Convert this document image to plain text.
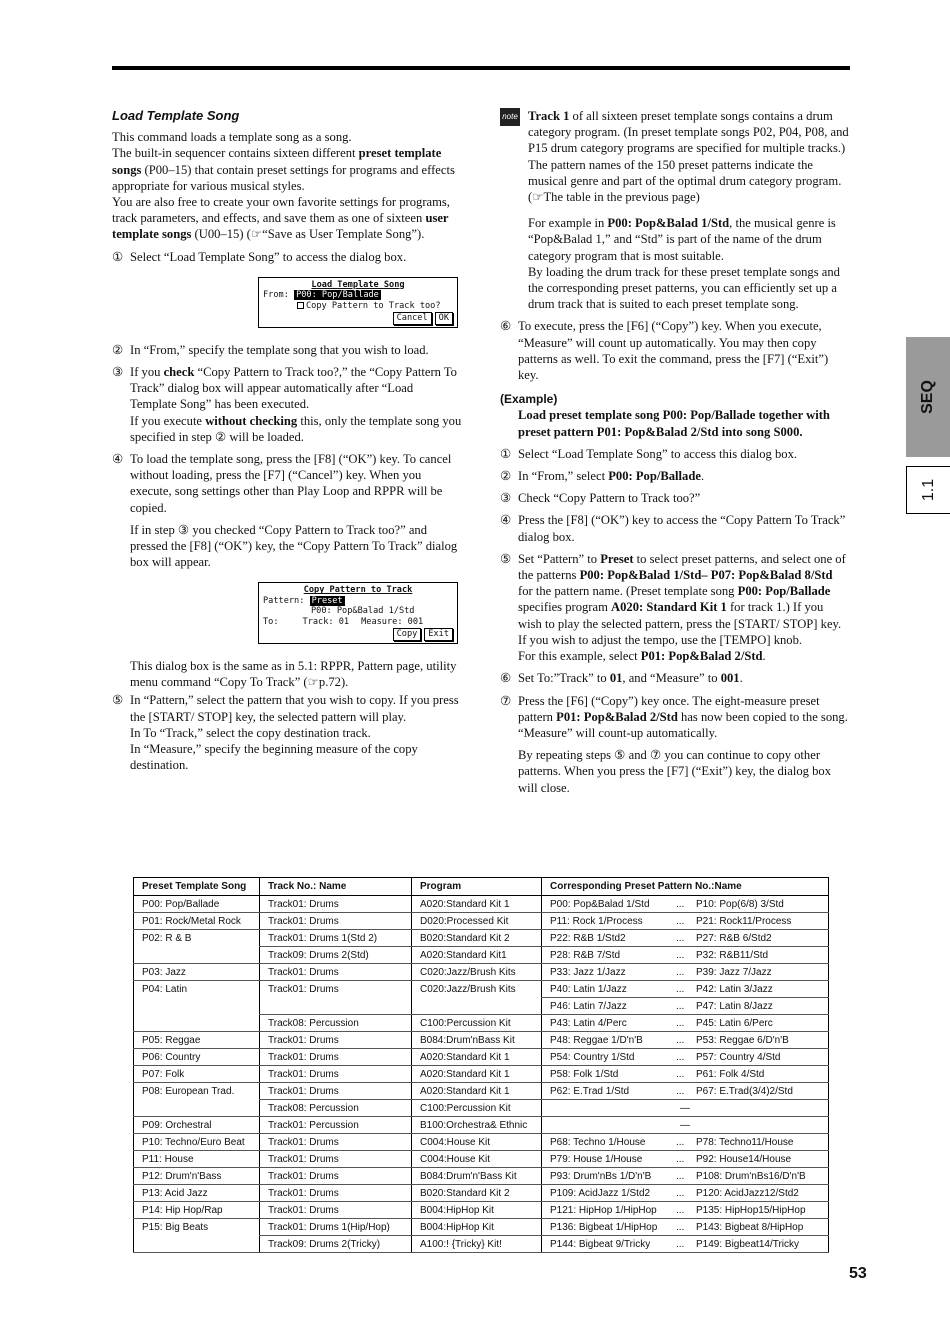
Load Template Song
This command loads a template song as a song.
The built-in sequencer contains sixteen different preset template songs (P00–15) that contain preset settings for programs and effects appropriate for various musical styles.
You are also free to create your own favorite settings for programs, track parameters, and effects, and save them as one of sixteen user template songs (U00–15) (☞“Save as User Template Song”).
① Select “Load Template Song” to access the dialog box.
Load Template Song
From: P00: Pop/Ballade
Copy Pattern to Track too?
Cancel OK
② In “From,” specify the template song that you wish to load.
③ If you check “Copy Pattern to Track too?,” the “Copy Pattern To Track” dialog box will appear automatically after “Load Template Song” has been executed.
If you execute without checking this, only the template song you specified in step ② will be loaded.
④ To load the template song, press the [F8] (“OK”) key. To cancel without loading, press the [F7] (“Cancel”) key. When you execute, song settings other than Play Loop and RPPR will be copied.
If in step ③ you checked “Copy Pattern to Track too?” and pressed the [F8] (“OK”) key, the “Copy Pattern To Track” dialog box will appear.
Copy Pattern to Track
Pattern: Preset
P00: Pop&Balad 1/Std
To:	Track: 01 Measure: 001
Copy Exit
This dialog box is the same as in 5.1: RPPR, Pattern page, utility menu command “Copy To Track” (☞p.72).
⑤ In “Pattern,” select the pattern that you wish to copy. If you press the [START/ STOP] key, the selected pattern will play.
In To “Track,” select the copy destination track.
In “Measure,” specify the beginning measure of the copy destination.
note Track 1 of all sixteen preset template songs contains a drum category program. (In preset template songs P02, P04, P08, and P15 drum category programs are specified for multiple tracks.)
The pattern names of the 150 preset patterns indicate the musical genre and part of the optimal drum category program. (☞The table in the previous page)
For example in P00: Pop&Balad 1/Std, the musical genre is “Pop&Balad 1,” and “Std” is part of the name of the drum category program that is most suitable.
By loading the drum track for these preset template songs and the corresponding preset patterns, you can efficiently set up a drum track that is suited to each preset template song.
⑥ To execute, press the [F6] (“Copy”) key. When you execute, “Measure” will count up automatically. You may then copy patterns as well. To exit the command, press the [F7] (“Exit”) key.
(Example)
Load preset template song P00: Pop/Ballade together with preset pattern P01: Pop&Balad 2/Std into song S000.
① Select “Load Template Song” to access this dialog box.
② In “From,” select P00: Pop/Ballade.
③ Check “Copy Pattern to Track too?”
④ Press the [F8] (“OK”) key to access the “Copy Pattern To Track” dialog box.
⑤ Set “Pattern” to Preset to select preset patterns, and select one of the patterns P00: Pop&Balad 1/Std– P07: Pop&Balad 8/Std for the pattern name. (Preset template song P00: Pop/Ballade specifies program A020: Standard Kit 1 for track 1.) If you wish to play the selected pattern, press the [START/ STOP] key. If you wish to adjust the tempo, use the [TEMPO] knob.
For this example, select P01: Pop&Balad 2/Std.
⑥ Set To:”Track” to 01, and “Measure” to 001.
⑦ Press the [F6] (“Copy”) key once. The eight-measure preset pattern P01: Pop&Balad 2/Std has now been copied to the song. “Measure” will count-up automatically.
By repeating steps ⑤ and ⑦ you can continue to copy other patterns. When you press the [F7] (“Exit”) key, the dialog box will close.
SEQ
1.1
Preset Template Song	Track No.: Name	Program	Corresponding Preset Pattern No.:Name
P00: Pop/Ballade	Track01: Drums	A020:Standard Kit 1	P00: Pop&Balad 1/Std ... P10: Pop(6/8) 3/Std

P01: Rock/Metal Rock	Track01: Drums	D020:Processed Kit	P11: Rock 1/Process ... P21: Rock11/Process

P02: R & B	Track01: Drums 1(Std 2)	B020:Standard Kit 2	P22: R&B 1/Std2 ... P27: R&B 6/Std2

	Track09: Drums 2(Std)	A020:Standard Kit1	P28: R&B 7/Std ... P32: R&B11/Std

P03: Jazz	Track01: Drums	C020:Jazz/Brush Kits	P33: Jazz 1/Jazz ... P39: Jazz 7/Jazz

P04: Latin	Track01: Drums	C020:Jazz/Brush Kits	P40: Latin 1/Jazz ... P42: Latin 3/Jazz

			P46: Latin 7/Jazz ... P47: Latin 8/Jazz

	Track08: Percussion	C100:Percussion Kit	P43: Latin 4/Perc ... P45: Latin 6/Perc

P05: Reggae	Track01: Drums	B084:Drum'nBass Kit	P48: Reggae 1/D'n'B ... P53: Reggae 6/D'n'B

P06: Country	Track01: Drums	A020:Standard Kit 1	P54: Country 1/Std ... P57: Country 4/Std

P07: Folk	Track01: Drums	A020:Standard Kit 1	P58: Folk 1/Std ... P61: Folk 4/Std

P08: European Trad.	Track01: Drums	A020:Standard Kit 1	P62: E.Trad 1/Std ... P67: E.Trad(3/4)2/Std

	Track08: Percussion	C100:Percussion Kit	—

P09: Orchestral	Track01: Percussion	B100:Orchestra& Ethnic	—

P10: Techno/Euro Beat	Track01: Drums	C004:House Kit	P68: Techno 1/House ... P78: Techno11/House

P11: House	Track01: Drums	C004:House Kit	P79: House 1/House ... P92: House14/House

P12: Drum'n'Bass	Track01: Drums	B084:Drum'n'Bass Kit	P93: Drum'nBs 1/D'n'B ... P108: Drum'nBs16/D'n'B

P13: Acid Jazz	Track01: Drums	B020:Standard Kit 2	P109: AcidJazz 1/Std2 ... P120: AcidJazz12/Std2

P14: Hip Hop/Rap	Track01: Drums	B004:HipHop Kit	P121: HipHop 1/HipHop ... P135: HipHop15/HipHop

P15: Big Beats	Track01: Drums 1(Hip/Hop)	B004:HipHop Kit	P136: Bigbeat 1/HipHop ... P143: Bigbeat 8/HipHop

	Track09: Drums 2(Tricky)	A100:! {Tricky} Kit!	P144: Bigbeat 9/Tricky ... P149: Bigbeat14/Tricky
53
